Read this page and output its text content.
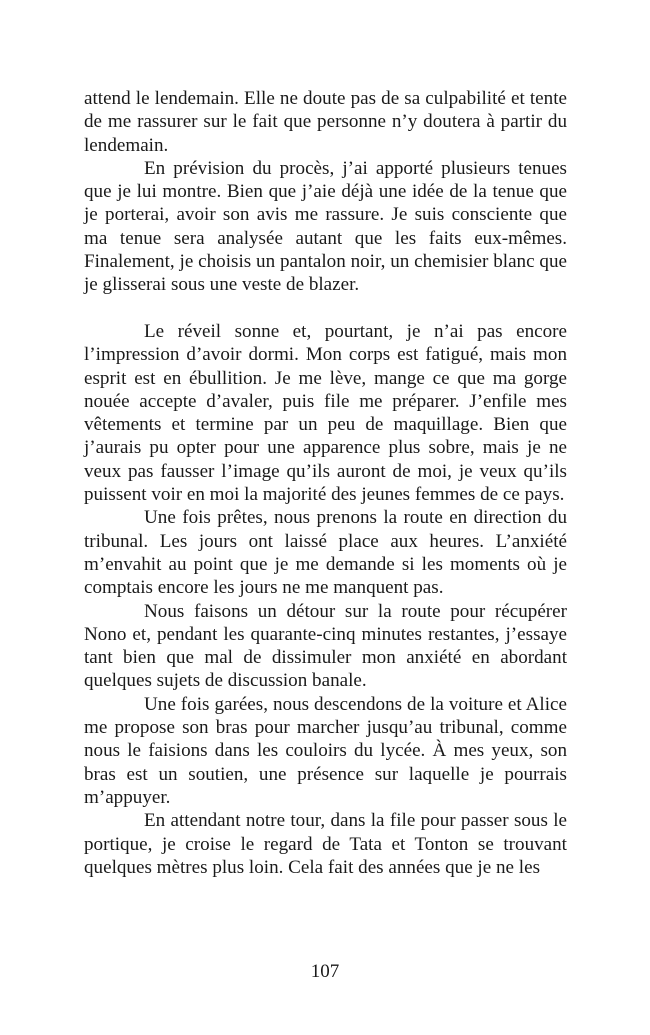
attend le lendemain. Elle ne doute pas de sa culpabilité et tente de me rassurer sur le fait que personne n’y doutera à partir du lendemain.

En prévision du procès, j’ai apporté plusieurs tenues que je lui montre. Bien que j’aie déjà une idée de la tenue que je porterai, avoir son avis me rassure. Je suis consciente que ma tenue sera analysée autant que les faits eux-mêmes. Finalement, je choisis un pantalon noir, un chemisier blanc que je glisserai sous une veste de blazer.

Le réveil sonne et, pourtant, je n’ai pas encore l’impression d’avoir dormi. Mon corps est fatigué, mais mon esprit est en ébullition. Je me lève, mange ce que ma gorge nouée accepte d’avaler, puis file me préparer. J’enfile mes vêtements et termine par un peu de maquillage. Bien que j’aurais pu opter pour une apparence plus sobre, mais je ne veux pas fausser l’image qu’ils auront de moi, je veux qu’ils puissent voir en moi la majorité des jeunes femmes de ce pays.

Une fois prêtes, nous prenons la route en direction du tribunal. Les jours ont laissé place aux heures. L’anxiété m’envahit au point que je me demande si les moments où je comptais encore les jours ne me manquent pas.

Nous faisons un détour sur la route pour récupérer Nono et, pendant les quarante-cinq minutes restantes, j’essaye tant bien que mal de dissimuler mon anxiété en abordant quelques sujets de discussion banale.

Une fois garées, nous descendons de la voiture et Alice me propose son bras pour marcher jusqu’au tribunal, comme nous le faisions dans les couloirs du lycée. À mes yeux, son bras est un soutien, une présence sur laquelle je pourrais m’appuyer.

En attendant notre tour, dans la file pour passer sous le portique, je croise le regard de Tata et Tonton se trouvant quelques mètres plus loin. Cela fait des années que je ne les

107
